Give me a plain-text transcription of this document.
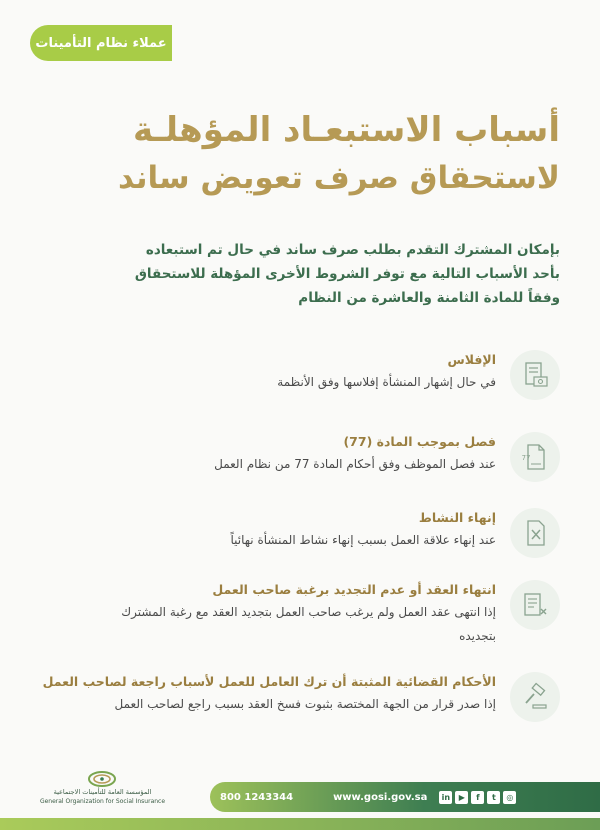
عملاء نظام التأمينات
أسباب الاستبعـاد المؤهلـة
لاستحقاق صرف تعويض ساند
بإمكان المشترك التقدم بطلب صرف ساند في حال تم استبعاده
بأحد الأسباب التالية مع توفر الشروط الأخرى المؤهلة للاستحقاق
وفقاً للمادة الثامنة والعاشرة من النظام
الإفلاس
في حال إشهار المنشأة إفلاسها وفق الأنظمة
77
فصل بموجب المادة (77)
عند فصل الموظف وفق أحكام المادة 77 من نظام العمل
إنهاء النشاط
عند إنهاء علاقة العمل بسبب إنهاء نشاط المنشأة نهائياً
انتهاء العقد أو عدم التجديد برغبة صاحب العمل
إذا انتهى عقد العمل ولم يرغب صاحب العمل بتجديد العقد مع رغبة المشترك
بتجديده
الأحكام القضائية المثبتة أن ترك العامل للعمل لأسباب راجعة لصاحب العمل
إذا صدر قرار من الجهة المختصة بثبوت فسخ العقد بسبب راجع لصاحب العمل
800 1243344	www.gosi.gov.sa in	▶	f	t	◎
المؤسسة العامة للتأمينات الاجتماعية
General Organization for Social Insurance
